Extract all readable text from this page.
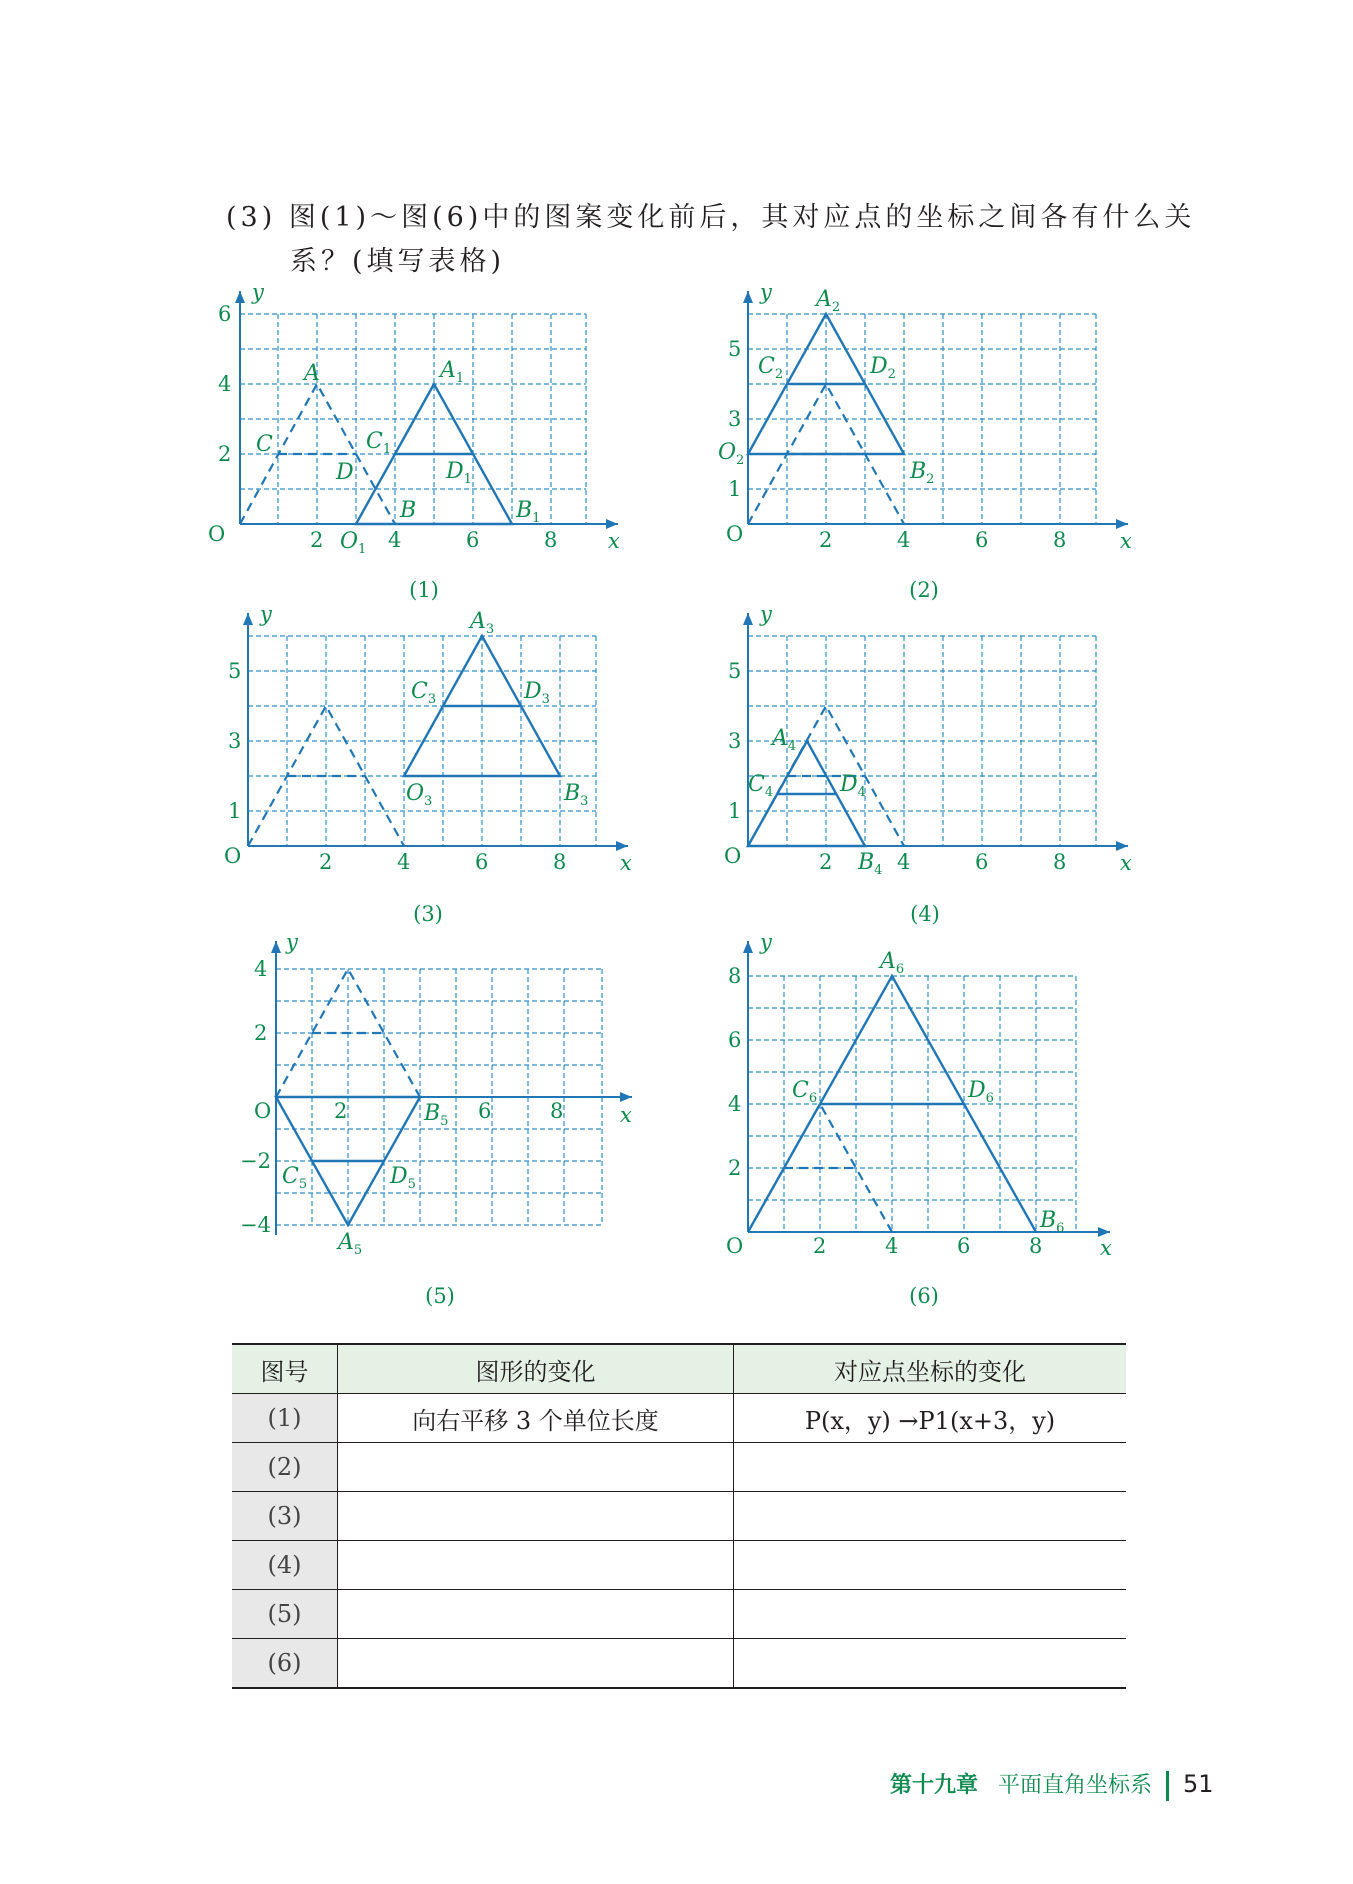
(3) 图(1)～图(6)中的图案变化前后，其对应点的坐标之间各有什么关
系？(填写表格)
O	2	4	6	8
2
4
6
x
y
A
C
D
B
$A_1$
$C_1$
$D_1$
$O_1$
$B_1$
(1)
O	2	4	6	8
1
3
5
x
y $A_2$
$C_2$	$D_2$
$O_2$	$B_2$
(2)
O	2	4	6	8
1
3
5
x
y	$A_3$
$C_3$	$D_3$
$O_3$	$B_3$
(3)
O	2	4	6	8
1
3
5
x
y
$A_4$
$C_4$	$D_4$
$B_4$
(4)
O	2	6	8
4
2
−2
−4
x
y
$A_5$
$C_5$	$D_5$
$B_5$
(5)
O	2	4	6	8
2
4
6
8
x
y
$A_6$
$C_6$	$D_6$
$B_6$
(6)
图号	图形的变化	对应点坐标的变化
(1)	向右平移 3 个单位长度	P(x，y) →P1(x+3，y)
(2)		
(3)		
(4)		
(5)		
(6)		
第十九章 平面直角坐标系 51
